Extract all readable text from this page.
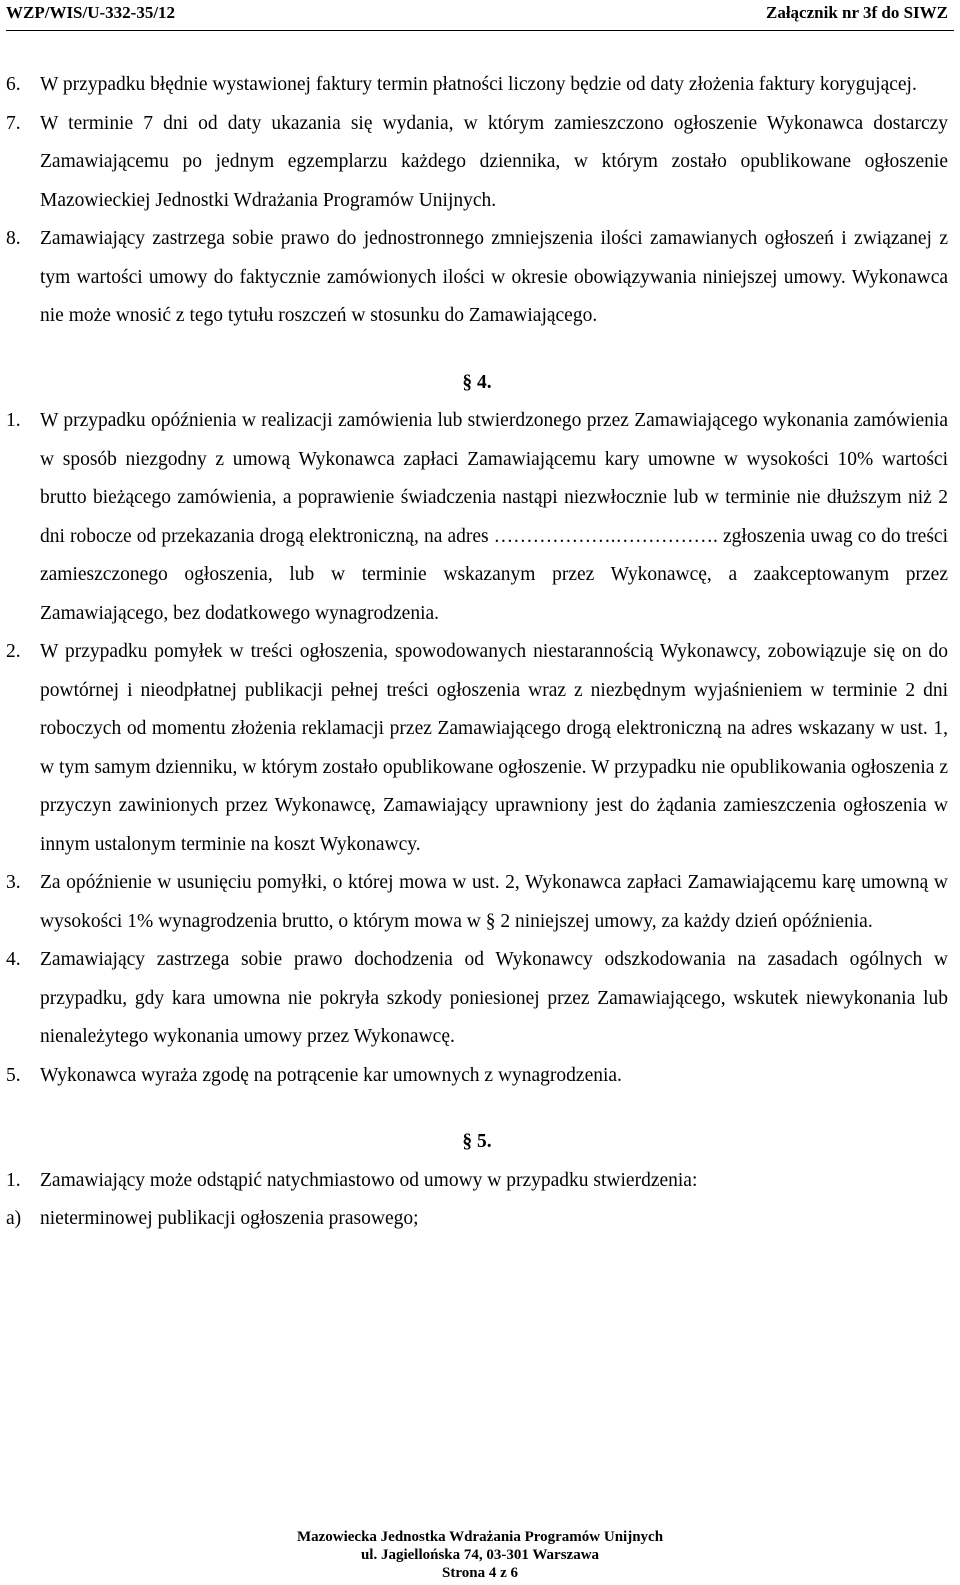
WZP/WIS/U-332-35/12	Załącznik nr 3f do SIWZ
6. W przypadku błędnie wystawionej faktury termin płatności liczony będzie od daty złożenia faktury korygującej.
7. W terminie 7 dni od daty ukazania się wydania, w którym zamieszczono ogłoszenie Wykonawca dostarczy Zamawiającemu po jednym egzemplarzu każdego dziennika, w którym zostało opublikowane ogłoszenie Mazowieckiej Jednostki Wdrażania Programów Unijnych.
8. Zamawiający zastrzega sobie prawo do jednostronnego zmniejszenia ilości zamawianych ogłoszeń i związanej z tym wartości umowy do faktycznie zamówionych ilości w okresie obowiązywania niniejszej umowy. Wykonawca nie może wnosić z tego tytułu roszczeń w stosunku do Zamawiającego.
§ 4.
1. W przypadku opóźnienia w realizacji zamówienia lub stwierdzonego przez Zamawiającego wykonania zamówienia w sposób niezgodny z umową Wykonawca zapłaci Zamawiającemu kary umowne w wysokości 10% wartości brutto bieżącego zamówienia, a poprawienie świadczenia nastąpi niezwłocznie lub w terminie nie dłuższym niż 2 dni robocze od przekazania drogą elektroniczną, na adres ……………….……………. zgłoszenia uwag co do treści zamieszczonego ogłoszenia, lub w terminie wskazanym przez Wykonawcę, a zaakceptowanym przez Zamawiającego, bez dodatkowego wynagrodzenia.
2. W przypadku pomyłek w treści ogłoszenia, spowodowanych niestarannością Wykonawcy, zobowiązuje się on do powtórnej i nieodpłatnej publikacji pełnej treści ogłoszenia wraz z niezbędnym wyjaśnieniem w terminie 2 dni roboczych od momentu złożenia reklamacji przez Zamawiającego drogą elektroniczną na adres wskazany w ust. 1, w tym samym dzienniku, w którym zostało opublikowane ogłoszenie. W przypadku nie opublikowania ogłoszenia z przyczyn zawinionych przez Wykonawcę, Zamawiający uprawniony jest do żądania zamieszczenia ogłoszenia w innym ustalonym terminie na koszt Wykonawcy.
3. Za opóźnienie w usunięciu pomyłki, o której mowa w ust. 2, Wykonawca zapłaci Zamawiającemu karę umowną w wysokości 1% wynagrodzenia brutto, o którym mowa w § 2 niniejszej umowy, za każdy dzień opóźnienia.
4. Zamawiający zastrzega sobie prawo dochodzenia od Wykonawcy odszkodowania na zasadach ogólnych w przypadku, gdy kara umowna nie pokryła szkody poniesionej przez Zamawiającego, wskutek niewykonania lub nienależytego wykonania umowy przez Wykonawcę.
5. Wykonawca wyraża zgodę na potrącenie kar umownych z wynagrodzenia.
§ 5.
1. Zamawiający może odstąpić natychmiastowo od umowy w przypadku stwierdzenia:
a) nieterminowej publikacji ogłoszenia prasowego;
Mazowiecka Jednostka Wdrażania Programów Unijnych
ul. Jagiellońska 74, 03-301 Warszawa
Strona 4 z 6
